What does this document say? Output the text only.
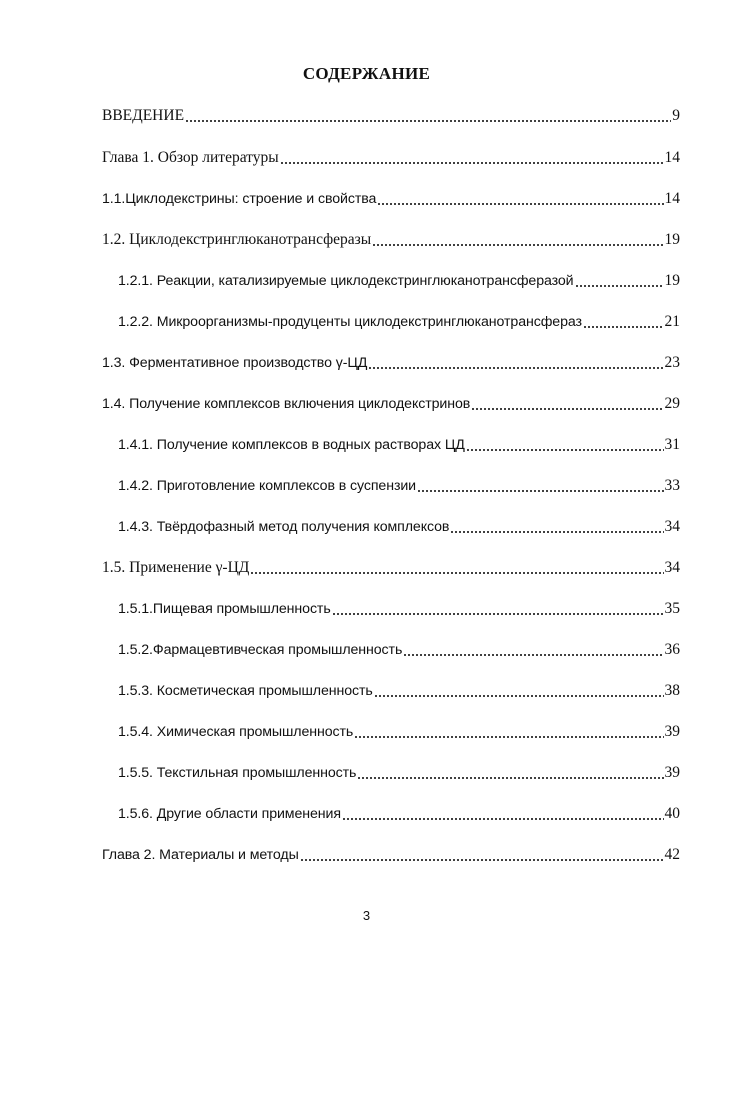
СОДЕРЖАНИЕ
ВВЕДЕНИЕ	9
Глава 1. Обзор литературы	14
1.1.Циклодекстрины: строение и свойства	14
1.2. Циклодекстринглюканотрансферазы	19
1.2.1. Реакции, катализируемые циклодекстринглюканотрансферазой	19
1.2.2. Микроорганизмы-продуценты циклодекстринглюканотрансфераз	21
1.3. Ферментативное производство γ-ЦД	23
1.4. Получение комплексов включения циклодекстринов	29
1.4.1. Получение комплексов в водных растворах ЦД	31
1.4.2. Приготовление комплексов в суспензии	33
1.4.3. Твёрдофазный метод получения комплексов	34
1.5. Применение γ-ЦД	34
1.5.1.Пищевая промышленность	35
1.5.2.Фармацевтивческая промышленность	36
1.5.3. Косметическая промышленность	38
1.5.4. Химическая промышленность	39
1.5.5. Текстильная промышленность	39
1.5.6. Другие области применения	40
Глава 2. Материалы и методы	42
3
